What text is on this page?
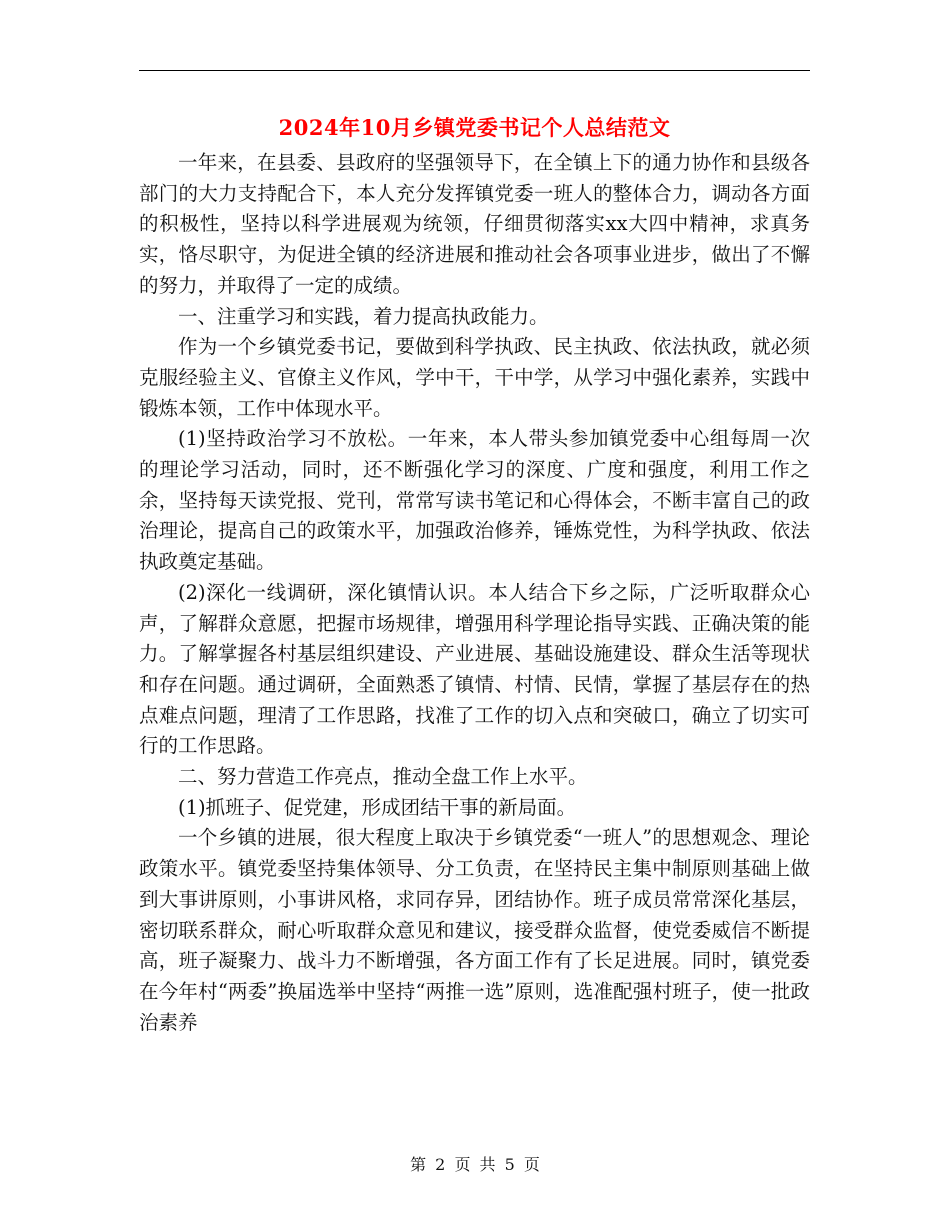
2024年10月乡镇党委书记个人总结范文

一年来，在县委、县政府的坚强领导下，在全镇上下的通力协作和县级各部门的大力支持配合下，本人充分发挥镇党委一班人的整体合力，调动各方面的积极性，坚持以科学进展观为统领，仔细贯彻落实xx大四中精神，求真务实，恪尽职守，为促进全镇的经济进展和推动社会各项事业进步，做出了不懈的努力，并取得了一定的成绩。

一、注重学习和实践，着力提高执政能力。

作为一个乡镇党委书记，要做到科学执政、民主执政、依法执政，就必须克服经验主义、官僚主义作风，学中干，干中学，从学习中强化素养，实践中锻炼本领，工作中体现水平。

(1)坚持政治学习不放松。一年来，本人带头参加镇党委中心组每周一次的理论学习活动，同时，还不断强化学习的深度、广度和强度，利用工作之余，坚持每天读党报、党刊，常常写读书笔记和心得体会，不断丰富自己的政治理论，提高自己的政策水平，加强政治修养，锤炼党性，为科学执政、依法执政奠定基础。

(2)深化一线调研，深化镇情认识。本人结合下乡之际，广泛听取群众心声，了解群众意愿，把握市场规律，增强用科学理论指导实践、正确决策的能力。了解掌握各村基层组织建设、产业进展、基础设施建设、群众生活等现状和存在问题。通过调研，全面熟悉了镇情、村情、民情，掌握了基层存在的热点难点问题，理清了工作思路，找准了工作的切入点和突破口，确立了切实可行的工作思路。

二、努力营造工作亮点，推动全盘工作上水平。

(1)抓班子、促党建，形成团结干事的新局面。

一个乡镇的进展，很大程度上取决于乡镇党委“一班人”的思想观念、理论政策水平。镇党委坚持集体领导、分工负责，在坚持民主集中制原则基础上做到大事讲原则，小事讲风格，求同存异，团结协作。班子成员常常深化基层，密切联系群众，耐心听取群众意见和建议，接受群众监督，使党委威信不断提高，班子凝聚力、战斗力不断增强，各方面工作有了长足进展。同时，镇党委在今年村“两委”换届选举中坚持“两推一选”原则，选准配强村班子，使一批政治素养

第 2 页 共 5 页
